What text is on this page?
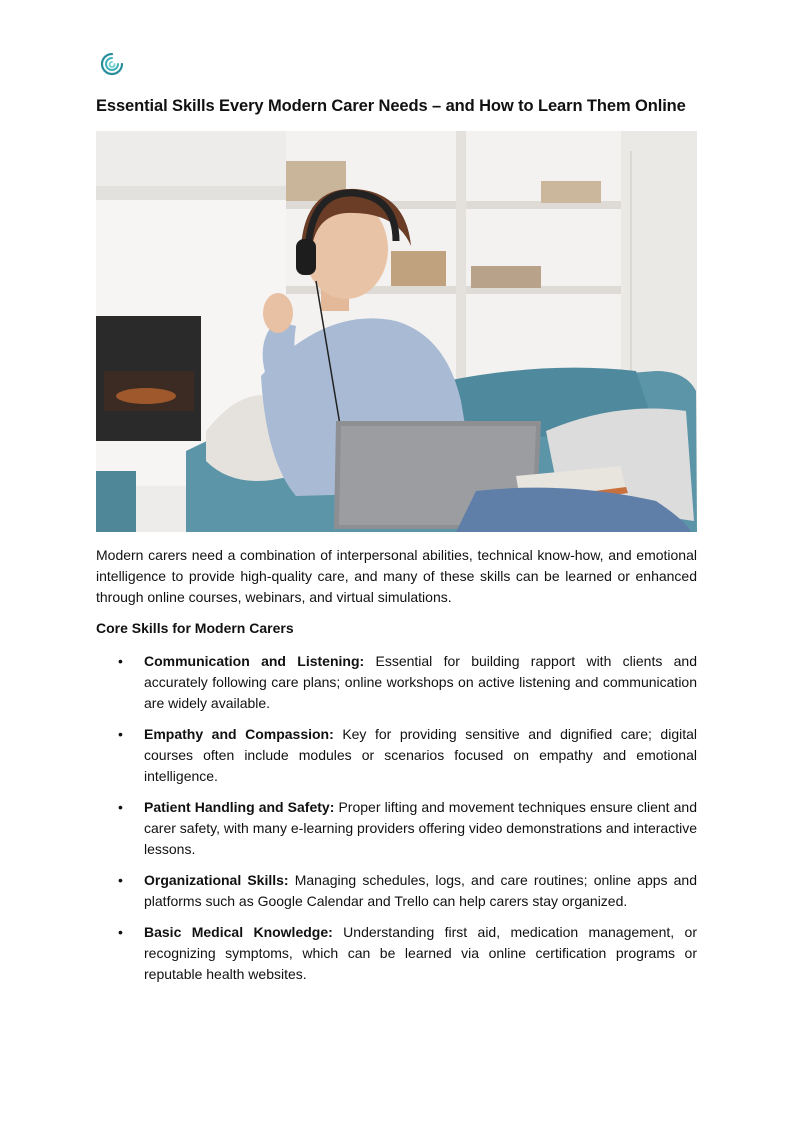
Essential Skills Every Modern Carer Needs – and How to Learn Them Online

Modern carers need a combination of interpersonal abilities, technical know-how, and emotional intelligence to provide high-quality care, and many of these skills can be learned or enhanced through online courses, webinars, and virtual simulations.

Core Skills for Modern Carers
• Communication and Listening: Essential for building rapport with clients and accurately following care plans; online workshops on active listening and communication are widely available.
• Empathy and Compassion: Key for providing sensitive and dignified care; digital courses often include modules or scenarios focused on empathy and emotional intelligence.
• Patient Handling and Safety: Proper lifting and movement techniques ensure client and carer safety, with many e-learning providers offering video demonstrations and interactive lessons.
• Organizational Skills: Managing schedules, logs, and care routines; online apps and platforms such as Google Calendar and Trello can help carers stay organized.
• Basic Medical Knowledge: Understanding first aid, medication management, or recognizing symptoms, which can be learned via online certification programs or reputable health websites.
